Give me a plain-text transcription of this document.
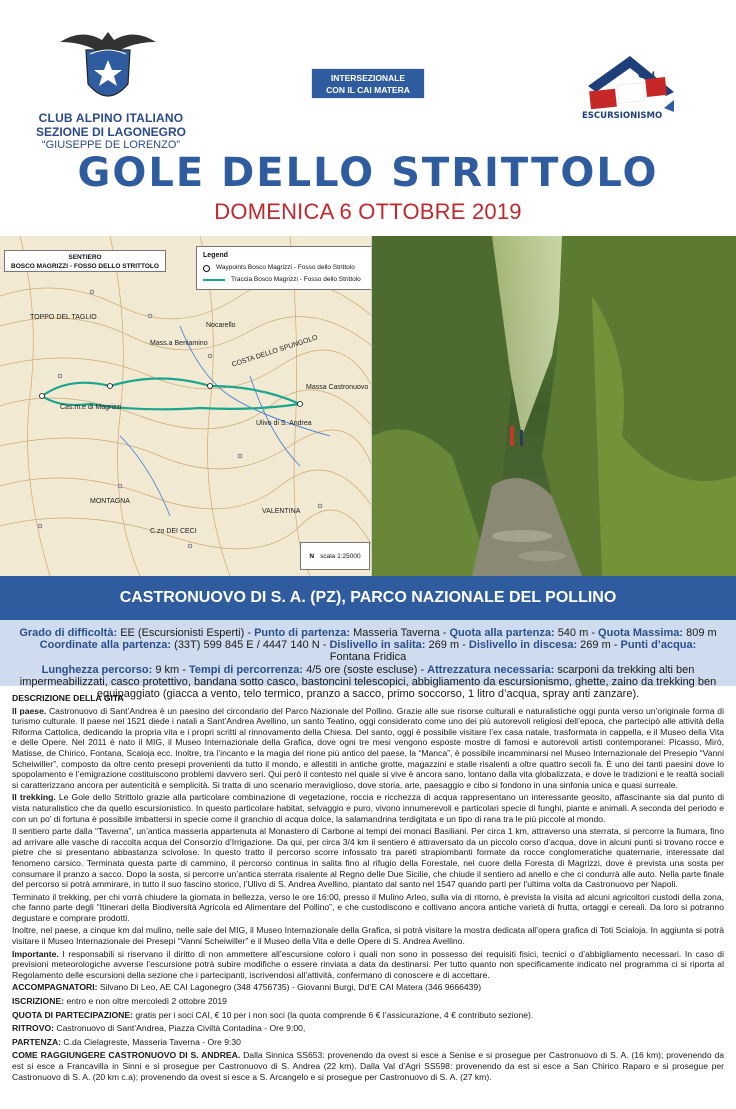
CLUB ALPINO ITALIANO
SEZIONE DI LAGONEGRO
“GIUSEPPE DE LORENZO”
INTERSEZIONALE
CON IL CAI MATERA
CAI
ESCURSIONISMO
GOLE DELLO STRITTOLO
DOMENICA 6 OTTOBRE 2019
SENTIERO
BOSCO MAGRIZZI - FOSSO DELLO STRITTOLO
Legend
Waypoints Bosco Magrizzi - Fosso dello Strittolo
Traccia Bosco Magrizzi - Fosso dello Strittolo
TOPPO DEL TAGLIO
Nocarello
Mass.a Beniamino	COSTA DELLO SPUNGOLO
Cas.m.e di Magrizzi
Massa Castronuovo
Ulivo di S. Andrea
MONTAGNA
C.zo DEI CECI
VALENTINA
N scala 1:25000
CASTRONUOVO DI S. A. (PZ), PARCO NAZIONALE DEL POLLINO
Grado di difficoltà: EE (Escursionisti Esperti) - Punto di partenza: Masseria Taverna - Quota alla partenza: 540 m - Quota Massima: 809 m
Coordinate alla partenza: (33T) 599 845 E / 4447 140 N - Dislivello in salita: 269 m - Dislivello in discesa: 269 m - Punti d’acqua: Fontana Fridica
Lunghezza percorso: 9 km - Tempi di percorrenza: 4/5 ore (soste escluse) - Attrezzatura necessaria: scarponi da trekking alti ben impermeabilizzati, casco protettivo, bandana sotto casco, bastoncini telescopici, abbigliamento da escursionismo, ghette, zaino da trekking ben equipaggiato (giacca a vento, telo termico, pranzo a sacco, primo soccorso, 1 litro d’acqua, spray anti zanzare).
DESCRIZIONE DELLA GITA

Il paese. Castronuovo di Sant’Andrea è un paesino del circondario del Parco Nazionale del Pollino. Grazie alle sue risorse culturali e naturalistiche oggi punta verso un’originale forma di turismo culturale. Il paese nel 1521 diede i natali a Sant’Andrea Avellino, un santo Teatino, oggi considerato come uno dei più autorevoli religiosi dell’epoca, che partecipò alle attività della Riforma Cattolica, dedicando la propria vita e i propri scritti al rinnovamento della Chiesa. Del santo, oggi è possibile visitare l’ex casa natale, trasformata in cappella, e il Museo della Vita e delle Opere. Nel 2011 è nato il MIG, il Museo Internazionale della Grafica, dove ogni tre mesi vengono esposte mostre di famosi e autorevoli artisti contemporanei: Picasso, Mirò, Matisse, de Chirico, Fontana, Scaloja ecc. Inoltre, tra l’incanto e la magia del rione più antico del paese, la “Manca”, è possibile incamminarsi nel Museo Internazionale del Presepio “Vanni Scheiwiller”, composto da oltre cento presepi provenienti da tutto il mondo, e allestiti in antiche grotte, magazzini e stalle risalenti a oltre quattro secoli fa. È uno dei tanti paesini dove lo spopolamento e l’emigrazione costituiscono problemi davvero seri. Qui però il contesto nel quale si vive è ancora sano, lontano dalla vita globalizzata, e dove le tradizioni e le realtà sociali si caratterizzano ancora per autenticità e semplicità. Si tratta di uno scenario meraviglioso, dove storia, arte, paesaggio e cibo si fondono in una sinfonia unica e quasi surreale.

Il trekking. Le Gole dello Strittolo grazie alla particolare combinazione di vegetazione, roccia e ricchezza di acqua rappresentano un interessante geosito, affascinante sia dal punto di vista naturalistico che da quello escursionistico. In questo particolare habitat, selvaggio e puro, vivono innumerevoli e particolari specie di funghi, piante e animali. A seconda del periodo e con un po’ di fortuna è possibile imbattersi in specie come il granchio di acqua dolce, la salamandrina terdigitata e un tipo di rana tra le più piccole al mondo.

Il sentiero parte dalla “Taverna”, un’antica masseria appartenuta al Monastero di Carbone ai tempi dei monaci Basiliani. Per circa 1 km, attraverso una sterrata, si percorre la fiumara, fino ad arrivare alle vasche di raccolta acqua del Consorzio d’Irrigazione. Da qui, per circa 3/4 km il sentiero è attraversato da un piccolo corso d’acqua, dove in alcuni punti si trovano rocce e pietre che si presentano abbastanza scivolose. In questo tratto il percorso scorre infossato tra pareti strapiombanti formate da rocce conglomeratiche quaternarie, interessate dal fenomeno carsico. Terminata questa parte di cammino, il percorso continua in salita fino al rifugio della Forestale, nel cuore della Foresta di Magrizzi, dove è prevista una sosta per consumare il pranzo a sacco. Dopo la sosta, si percorre un’antica sterrata risalente al Regno delle Due Sicilie, che chiude il sentiero ad anello e che ci condurrà alle auto. Nella parte finale del percorso si potrà ammirare, in tutto il suo fascino storico, l’Ulivo di S. Andrea Avellino, piantato dal santo nel 1547 quando partì per l’ultima volta da Castronuovo per Napoli.

Terminato il trekking, per chi vorrà chiudere la giornata in bellezza, verso le ore 16:00, presso il Mulino Arleo, sulla via di ritorno, è prevista la visita ad alcuni agricoltori custodi della zona, che fanno parte degli “Itinerari della Biodiversità Agricola ed Alimentare del Pollino”, e che custodiscono e coltivano ancora antiche varietà di frutta, ortaggi e cereali. Da loro si potranno degustare e comprare prodotti.

Inoltre, nel paese, a cinque km dal mulino, nelle sale del MIG, il Museo Internazionale della Grafica, si potrà visitare la mostra dedicata all’opera grafica di Toti Scialoja. In aggiunta si potrà visitare il Museo Internazionale dei Presepi “Vanni Scheiwiller” e il Museo della Vita e delle Opere di S. Andrea Avellino.

Importante. I responsabili si riservano il diritto di non ammettere all’escursione coloro i quali non sono in possesso dei requisiti fisici, tecnici o d’abbigliamento necessari. In caso di previsioni meteorologiche avverse l’escursione potrà subire modifiche o essere rinviata a data da destinarsi. Per tutto quanto non specificamente indicato nel programma ci si riporta al Regolamento delle escursioni della sezione che i partecipanti, iscrivendosi all’attività, confermano di conoscere e di accettare.

ACCOMPAGNATORI: Silvano Di Leo, AE CAI Lagonegro (348 4756735) - Giovanni Burgi, Dd’E CAI Matera (346 9666439)
ISCRIZIONE: entro e non oltre mercoledì 2 ottobre 2019
QUOTA DI PARTECIPAZIONE: gratis per i soci CAI, € 10 per i non soci (la quota comprende 6 € l’assicurazione, 4 € contributo sezione).
RITROVO: Castronuovo di Sant’Andrea, Piazza Civiltà Contadina - Ore 9:00,
PARTENZA: C.da Cielagreste, Masseria Taverna - Ore 9:30
COME RAGGIUNGERE CASTRONUOVO DI S. ANDREA. Dalla Sinnica SS653: provenendo da ovest si esce a Senise e si prosegue per Castronuovo di S. A. (16 km); provenendo da est si esce a Francavilla in Sinni e si prosegue per Castronuovo di S. Andrea (22 km). Dalla Val d’Agri SS598: provenendo da est si esce a San Chirico Raparo e si prosegue per Castronuovo di S. A. (20 km c.a); provenendo da ovest si esce a S. Arcangelo e si prosegue per Castronuovo di S. A. (27 km).
